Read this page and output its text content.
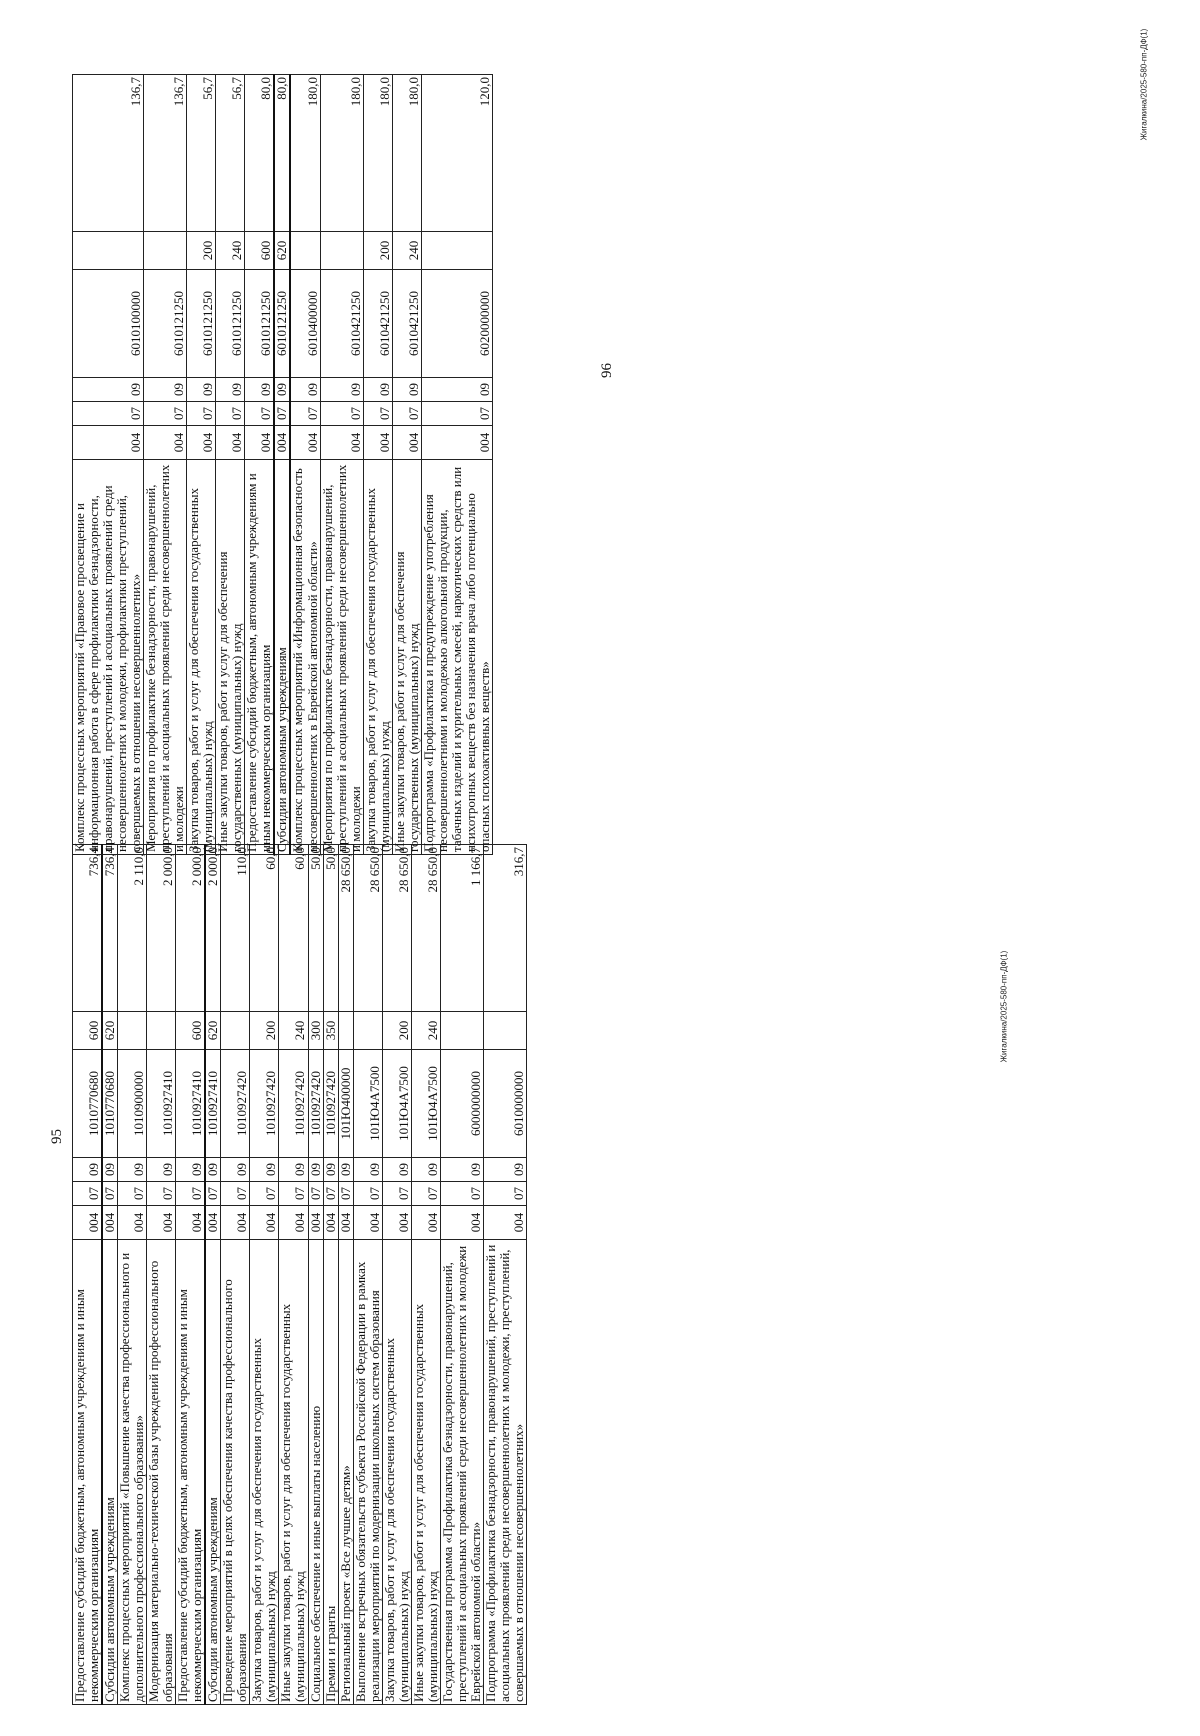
95
Жигалкина/2025-580-пп-ДФ(1)
Предоставление субсидий бюджетным, автономным учреждениям и иным некоммерческим организациям	004	07	09	1010770680	600	736,4
Субсидии автономным учреждениям	004	07	09	1010770680	620	736,4
Комплекс процессных мероприятий «Повышение качества профессионального и дополнительного профессионального образования»	004	07	09	1010900000		2 110,0
Модернизация материально-технической базы учреждений профессионального образования	004	07	09	1010927410		2 000,0
Предоставление субсидий бюджетным, автономным учреждениям и иным некоммерческим организациям	004	07	09	1010927410	600	2 000,0
Субсидии автономным учреждениям	004	07	09	1010927410	620	2 000,0
Проведение мероприятий в целях обеспечения качества профессионального образования	004	07	09	1010927420		110,0
Закупка товаров, работ и услуг для обеспечения государственных (муниципальных) нужд	004	07	09	1010927420	200	60,0
Иные закупки товаров, работ и услуг для обеспечения государственных (муниципальных) нужд	004	07	09	1010927420	240	60,0
Социальное обеспечение и иные выплаты населению	004	07	09	1010927420	300	50,0
Премии и гранты	004	07	09	1010927420	350	50,0
Региональный проект «Все лучшее детям»	004	07	09	101Ю400000		28 650,0
Выполнение встречных обязательств субъекта Российской Федерации в рамках реализации мероприятий по модернизации школьных систем образования	004	07	09	101Ю4А7500		28 650,0
Закупка товаров, работ и услуг для обеспечения государственных (муниципальных) нужд	004	07	09	101Ю4А7500	200	28 650,0
Иные закупки товаров, работ и услуг для обеспечения государственных (муниципальных) нужд	004	07	09	101Ю4А7500	240	28 650,0
Государственная программа «Профилактика безнадзорности, правонарушений, преступлений и асоциальных проявлений среди несовершеннолетних и молодежи Еврейской автономной области»	004	07	09	6000000000		1 166,7
Подпрограмма «Профилактика безнадзорности, правонарушений, преступлений и асоциальных проявлений среди несовершеннолетних и молодежи, преступлений, совершаемых в отношении несовершеннолетних»	004	07	09	6010000000		316,7
96
Жигалкина/2025-580-пп-ДФ(1)
Комплекс процессных мероприятий «Правовое просвещение и информационная работа в сфере профилактики безнадзорности, правонарушений, преступлений и асоциальных проявлений среди несовершеннолетних и молодежи, профилактики преступлений, совершаемых в отношении несовершеннолетних»	004	07	09	6010100000		136,7
Мероприятия по профилактике безнадзорности, правонарушений, преступлений и асоциальных проявлений среди несовершеннолетних и молодежи	004	07	09	6010121250		136,7
Закупка товаров, работ и услуг для обеспечения государственных (муниципальных) нужд	004	07	09	6010121250	200	56,7
Иные закупки товаров, работ и услуг для обеспечения государственных (муниципальных) нужд	004	07	09	6010121250	240	56,7
Предоставление субсидий бюджетным, автономным учреждениям и иным некоммерческим организациям	004	07	09	6010121250	600	80,0
Субсидии автономным учреждениям	004	07	09	6010121250	620	80,0
Комплекс процессных мероприятий «Информационная безопасность несовершеннолетних в Еврейской автономной области»	004	07	09	6010400000		180,0
Мероприятия по профилактике безнадзорности, правонарушений, преступлений и асоциальных проявлений среди несовершеннолетних и молодежи	004	07	09	6010421250		180,0
Закупка товаров, работ и услуг для обеспечения государственных (муниципальных) нужд	004	07	09	6010421250	200	180,0
Иные закупки товаров, работ и услуг для обеспечения государственных (муниципальных) нужд	004	07	09	6010421250	240	180,0
Подпрограмма «Профилактика и предупреждение употребления несовершеннолетними и молодежью алкогольной продукции, табачных изделий и курительных смесей, наркотических средств или психотропных веществ без назначения врача либо потенциально опасных психоактивных веществ»	004	07	09	6020000000		120,0
